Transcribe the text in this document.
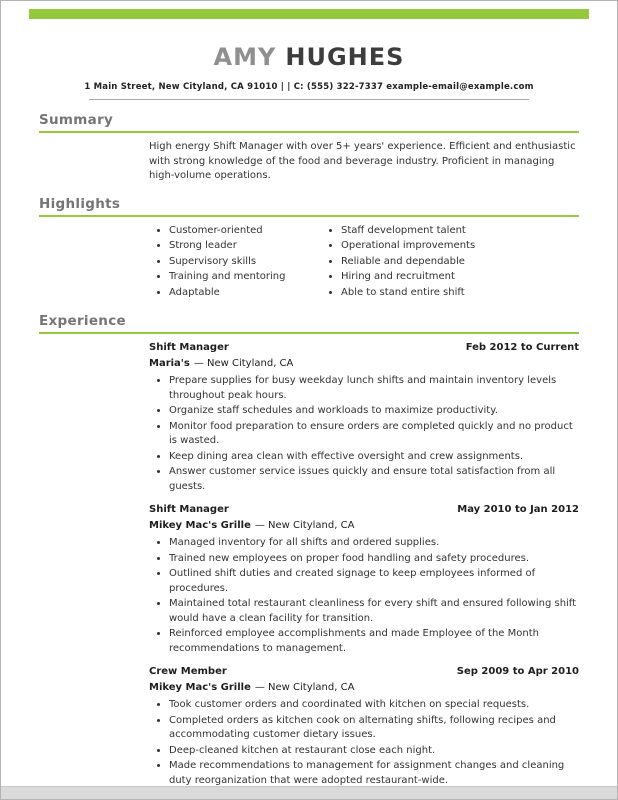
AMY HUGHES
1 Main Street, New Cityland, CA 91010 | | C: (555) 322-7337 example-email@example.com
Summary
High energy Shift Manager with over 5+ years' experience. Efficient and enthusiastic with strong knowledge of the food and beverage industry. Proficient in managing high-volume operations.
Highlights
• Customer-oriented
• Strong leader
• Supervisory skills
• Training and mentoring
• Adaptable
• Staff development talent
• Operational improvements
• Reliable and dependable
• Hiring and recruitment
• Able to stand entire shift
Experience
Shift Manager	Feb 2012 to Current
Maria's — New Cityland, CA
• Prepare supplies for busy weekday lunch shifts and maintain inventory levels throughout peak hours.
• Organize staff schedules and workloads to maximize productivity.
• Monitor food preparation to ensure orders are completed quickly and no product is wasted.
• Keep dining area clean with effective oversight and crew assignments.
• Answer customer service issues quickly and ensure total satisfaction from all guests.
Shift Manager	May 2010 to Jan 2012
Mikey Mac's Grille — New Cityland, CA
• Managed inventory for all shifts and ordered supplies.
• Trained new employees on proper food handling and safety procedures.
• Outlined shift duties and created signage to keep employees informed of procedures.
• Maintained total restaurant cleanliness for every shift and ensured following shift would have a clean facility for transition.
• Reinforced employee accomplishments and made Employee of the Month recommendations to management.
Crew Member	Sep 2009 to Apr 2010
Mikey Mac's Grille — New Cityland, CA
• Took customer orders and coordinated with kitchen on special requests.
• Completed orders as kitchen cook on alternating shifts, following recipes and accommodating customer dietary issues.
• Deep-cleaned kitchen at restaurant close each night.
• Made recommendations to management for assignment changes and cleaning duty reorganization that were adopted restaurant-wide.
